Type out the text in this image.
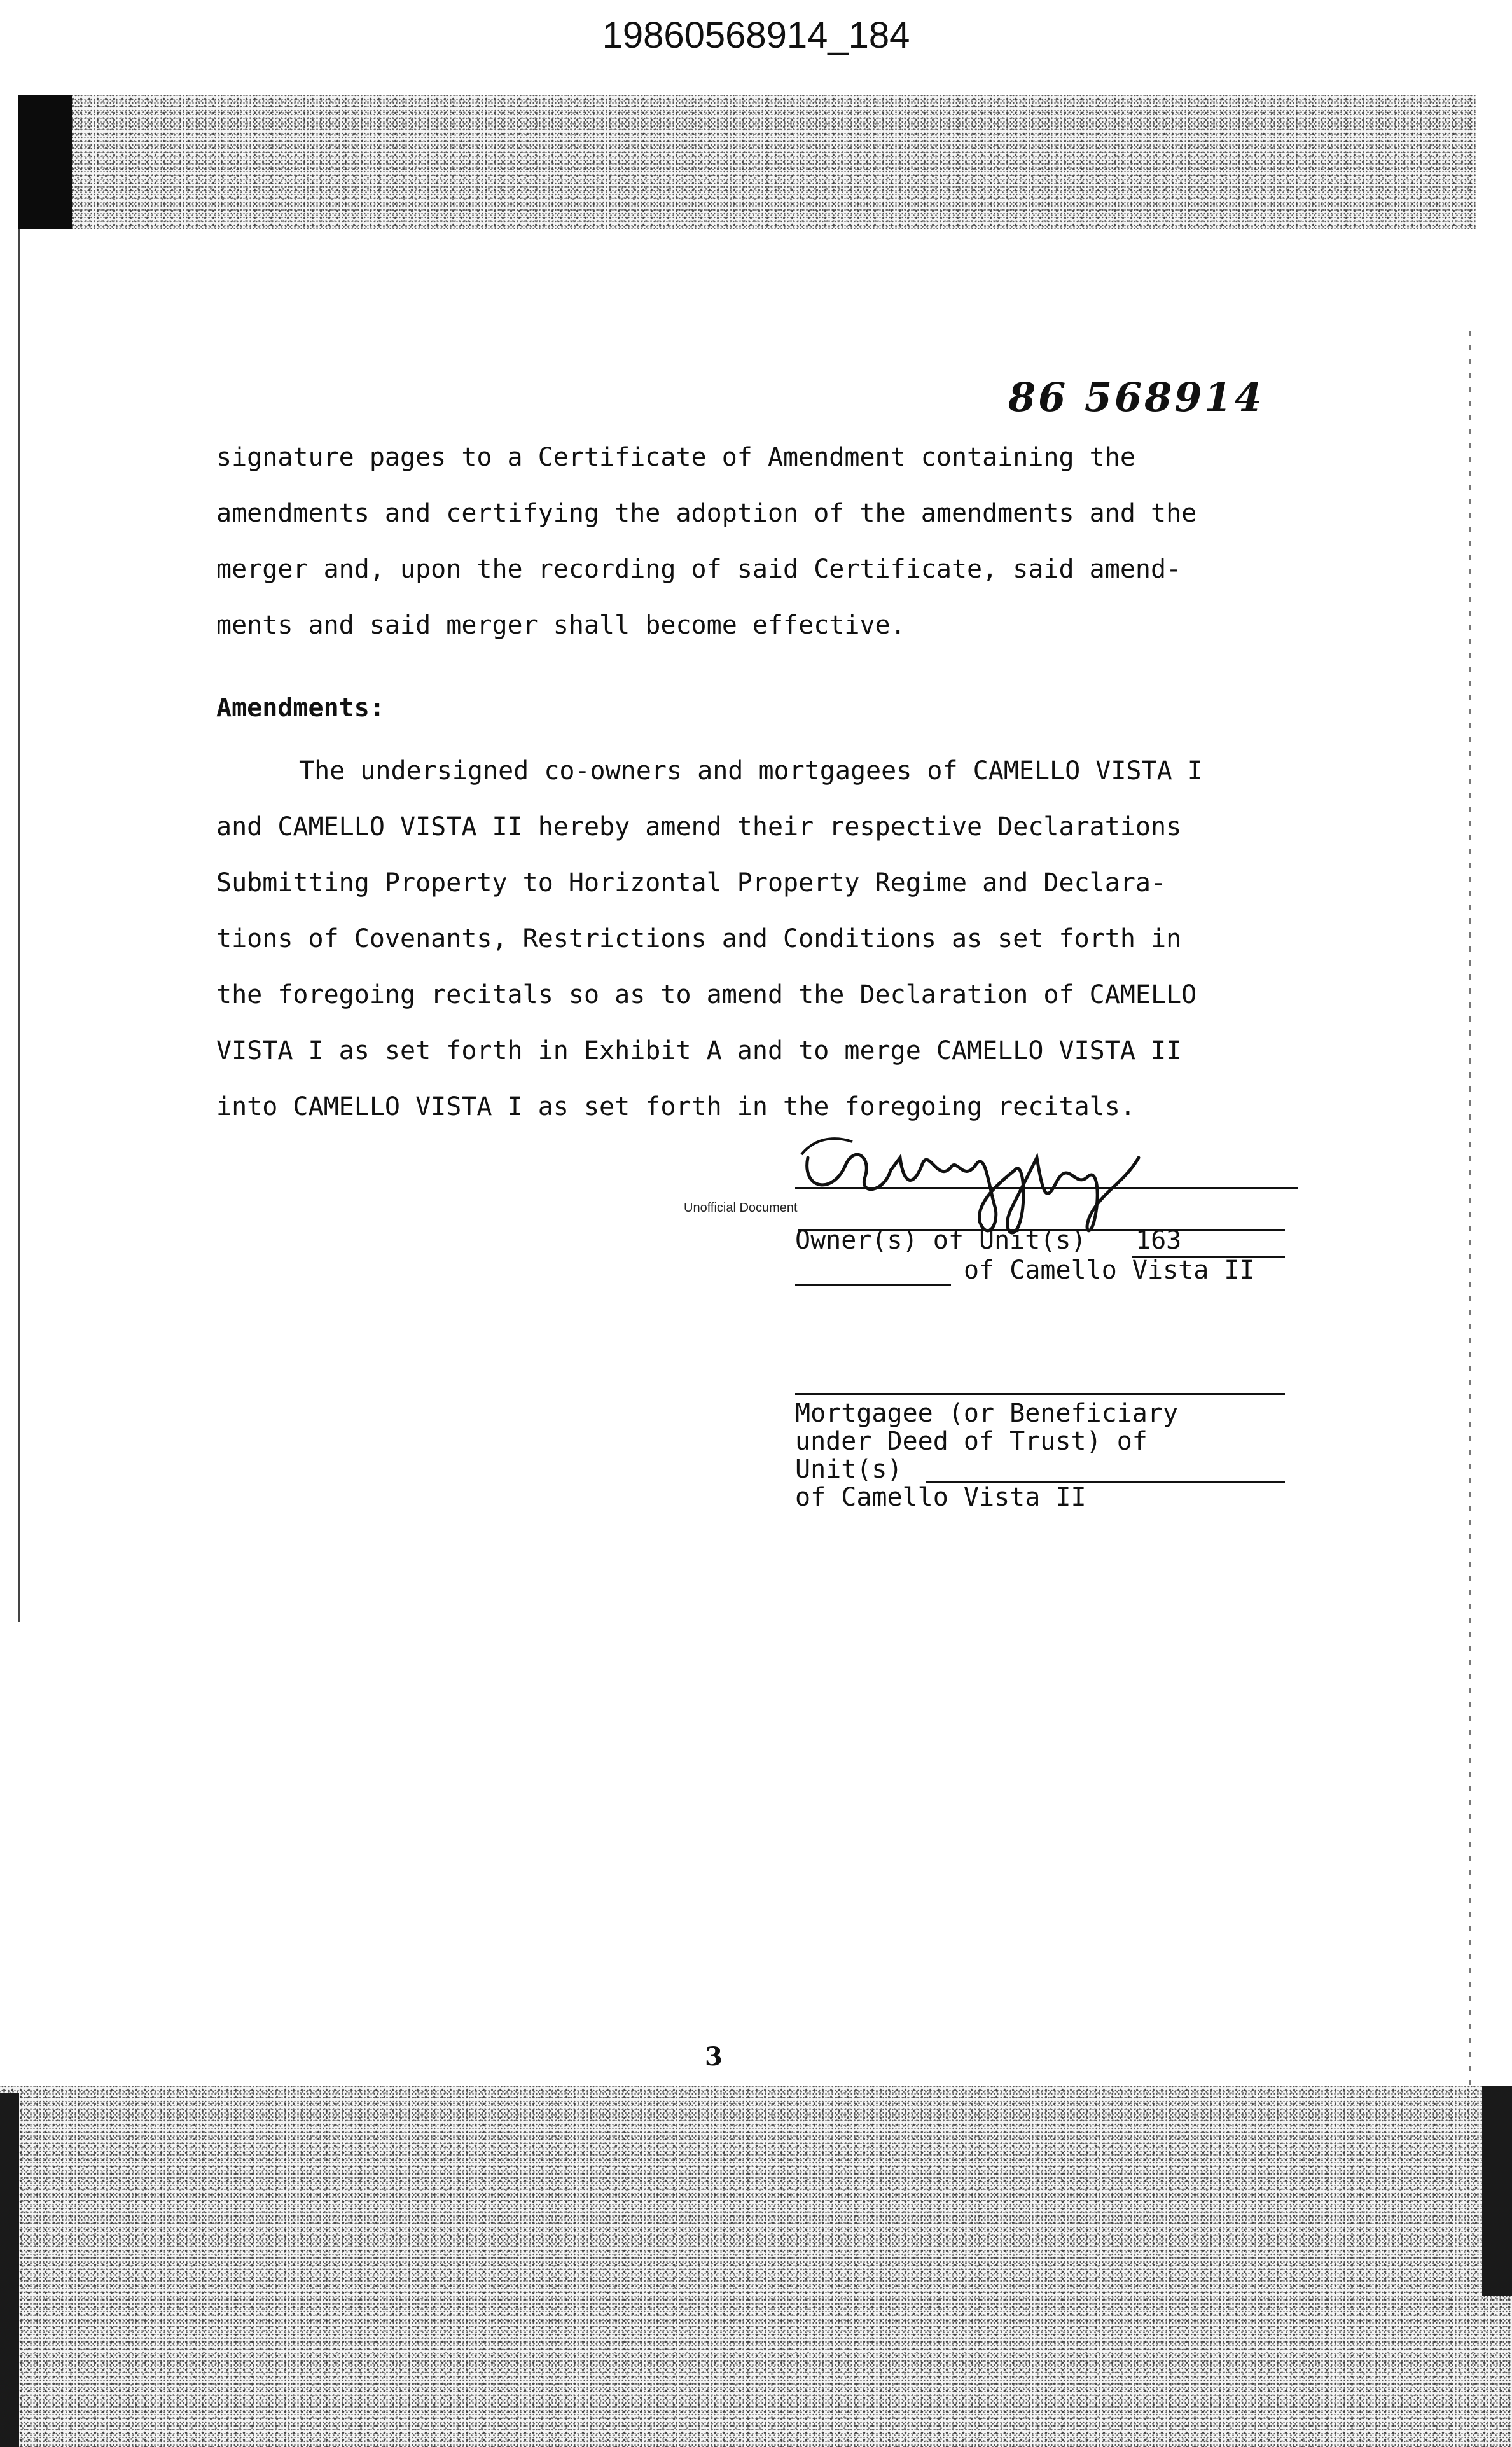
19860568914_184
86 568914
signature pages to a Certificate of Amendment containing the
amendments and certifying the adoption of the amendments and the
merger and, upon the recording of said Certificate, said amend-
ments and said merger shall become effective.
Amendments:
The undersigned co-owners and mortgagees of CAMELLO VISTA I
and CAMELLO VISTA II hereby amend their respective Declarations
Submitting Property to Horizontal Property Regime and Declara-
tions of Covenants, Restrictions and Conditions as set forth in
the foregoing recitals so as to amend the Declaration of CAMELLO
VISTA I as set forth in Exhibit A and to merge CAMELLO VISTA II
into CAMELLO VISTA I as set forth in the foregoing recitals.
Unofficial Document
Owner(s) of Unit(s) 163
of Camello Vista II
Mortgagee (or Beneficiary
under Deed of Trust) of
Unit(s)
of Camello Vista II
3
